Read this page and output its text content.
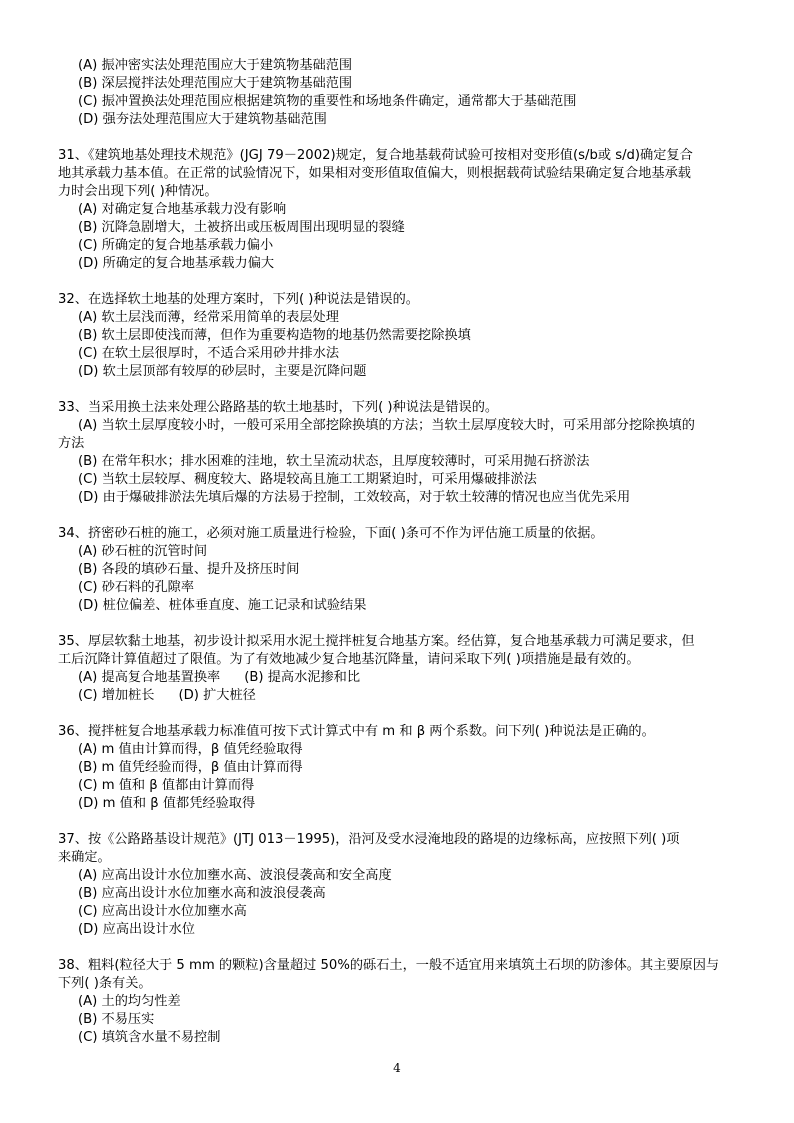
(A) 振冲密实法处理范围应大于建筑物基础范围
(B) 深层搅拌法处理范围应大于建筑物基础范围
(C) 振冲置换法处理范围应根据建筑物的重要性和场地条件确定，通常都大于基础范围
(D) 强夯法处理范围应大于建筑物基础范围
31、《建筑地基处理技术规范》(JGJ 79－2002)规定，复合地基载荷试验可按相对变形值(s/b或 s/d)确定复合
地其承载力基本值。在正常的试验情况下，如果相对变形值取值偏大，则根据载荷试验结果确定复合地基承载
力时会出现下列( )种情况。
(A) 对确定复合地基承载力没有影响
(B) 沉降急剧增大，土被挤出或压板周围出现明显的裂缝
(C) 所确定的复合地基承载力偏小
(D) 所确定的复合地基承载力偏大
32、在选择软土地基的处理方案时，下列( )种说法是错误的。
(A) 软土层浅而薄，经常采用简单的表层处理
(B) 软土层即使浅而薄，但作为重要构造物的地基仍然需要挖除换填
(C) 在软土层很厚时，不适合采用砂井排水法
(D) 软土层顶部有较厚的砂层时，主要是沉降问题
33、当采用换土法来处理公路路基的软土地基时，下列( )种说法是错误的。
(A) 当软土层厚度较小时，一般可采用全部挖除换填的方法；当软土层厚度较大时，可采用部分挖除换填的
方法
(B) 在常年积水；排水困难的洼地，软土呈流动状态，且厚度较薄时，可采用抛石挤淤法
(C) 当软土层较厚、稠度较大、路堤较高且施工工期紧迫时，可采用爆破排淤法
(D) 由于爆破排淤法先填后爆的方法易于控制，工效较高，对于软土较薄的情况也应当优先采用
34、挤密砂石桩的施工，必须对施工质量进行检验，下面( )条可不作为评估施工质量的依据。
(A) 砂石桩的沉管时间
(B) 各段的填砂石量、提升及挤压时间
(C) 砂石料的孔隙率
(D) 桩位偏差、桩体垂直度、施工记录和试验结果
35、厚层软黏土地基，初步设计拟采用水泥土搅拌桩复合地基方案。经估算，复合地基承载力可满足要求，但
工后沉降计算值超过了限值。为了有效地减少复合地基沉降量，请问采取下列( )项措施是最有效的。
(A) 提高复合地基置换率 (B) 提高水泥掺和比
(C) 增加桩长 (D) 扩大桩径
36、搅拌桩复合地基承载力标准值可按下式计算式中有 m 和 β 两个系数。问下列( )种说法是正确的。
(A) m 值由计算而得，β 值凭经验取得
(B) m 值凭经验而得，β 值由计算而得
(C) m 值和 β 值都由计算而得
(D) m 值和 β 值都凭经验取得
37、按《公路路基设计规范》(JTJ 013－1995)，沿河及受水浸淹地段的路堤的边缘标高，应按照下列( )项
来确定。
(A) 应高出设计水位加壅水高、波浪侵袭高和安全高度
(B) 应高出设计水位加壅水高和波浪侵袭高
(C) 应高出设计水位加壅水高
(D) 应高出设计水位
38、粗料(粒径大于 5 mm 的颗粒)含量超过 50%的砾石土，一般不适宜用来填筑土石坝的防渗体。其主要原因与
下列( )条有关。
(A) 土的均匀性差
(B) 不易压实
(C) 填筑含水量不易控制
4
